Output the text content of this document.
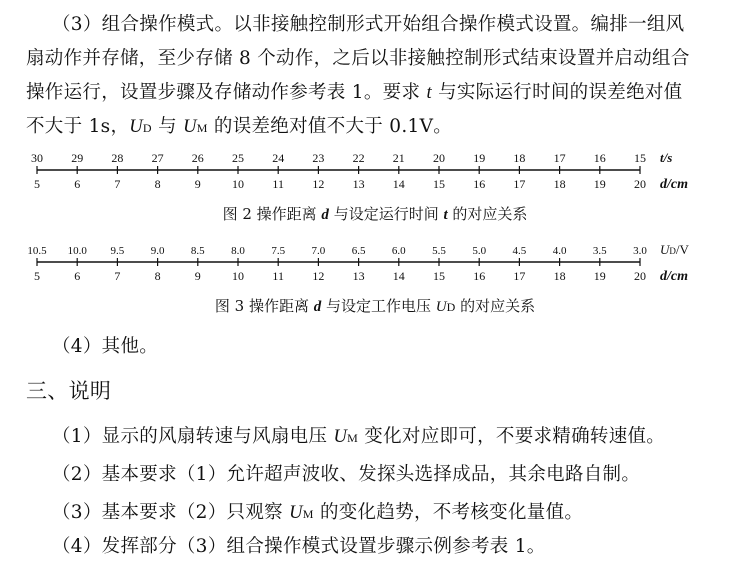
（3）组合操作模式。以非接触控制形式开始组合操作模式设置。编排一组风
扇动作并存储，至少存储 8 个动作，之后以非接触控制形式结束设置并启动组合
操作运行，设置步骤及存储动作参考表 1。要求 t 与实际运行时间的误差绝对值
不大于 1s，UD 与 UM 的误差绝对值不大于 0.1V。
30
5
29
6
28
7
27
8
26
9
25
10
24
11
23
12
22
13
21
14
20
15
19
16
18
17
17
18
16
19
15
20
t/s
d/cm
图 2 操作距离 d 与设定运行时间 t 的对应关系
10.5
5
10.0
6
9.5
7
9.0
8
8.5
9
8.0
10
7.5
11
7.0
12
6.5
13
6.0
14
5.5
15
5.0
16
4.5
17
4.0
18
3.5
19
3.0
20
UD/V
d/cm
图 3 操作距离 d 与设定工作电压 UD 的对应关系
（4）其他。
三、说明
（1）显示的风扇转速与风扇电压 UM 变化对应即可，不要求精确转速值。
（2）基本要求（1）允许超声波收、发探头选择成品，其余电路自制。
（3）基本要求（2）只观察 UM 的变化趋势，不考核变化量值。
（4）发挥部分（3）组合操作模式设置步骤示例参考表 1。
